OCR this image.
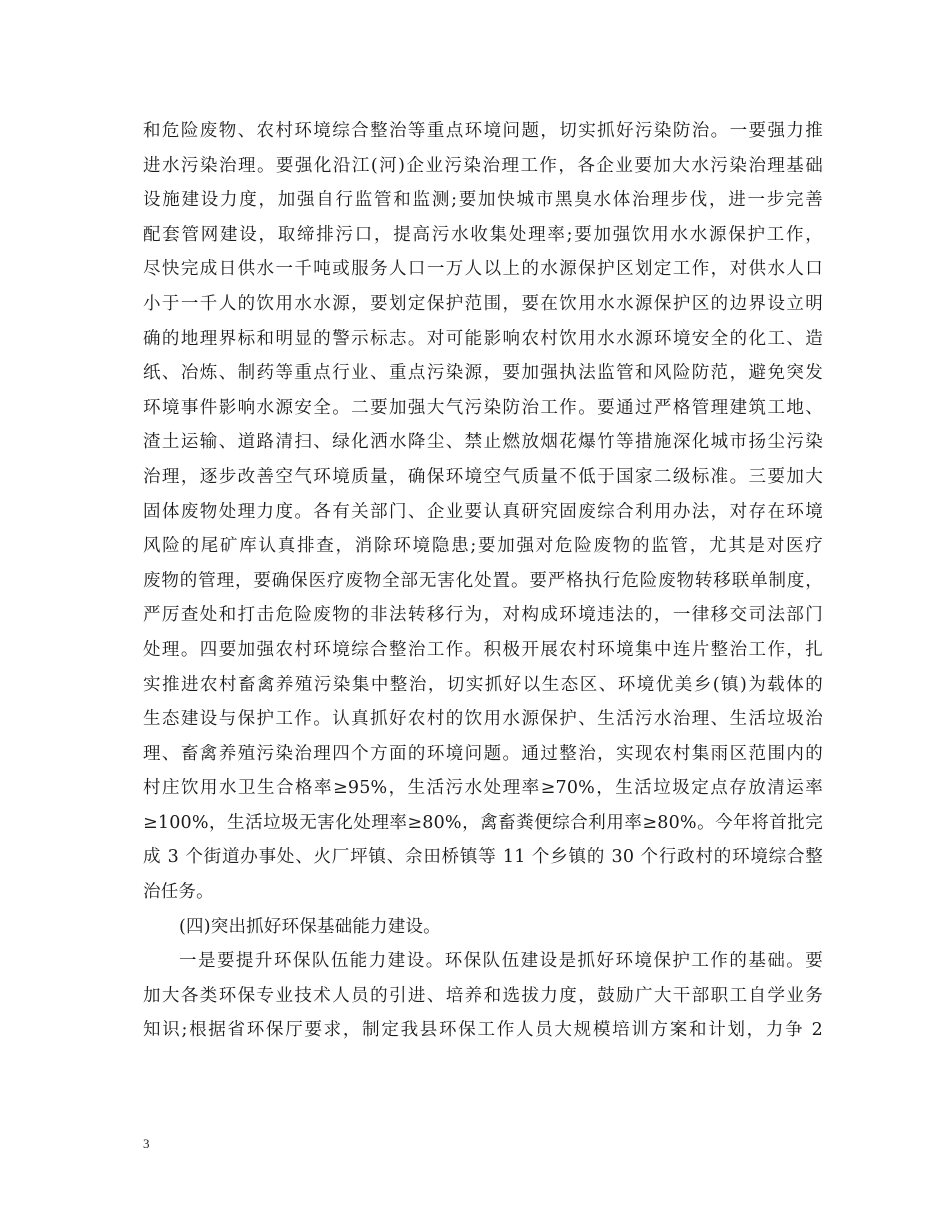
和危险废物、农村环境综合整治等重点环境问题，切实抓好污染防治。一要强力推
进水污染治理。要强化沿江(河)企业污染治理工作，各企业要加大水污染治理基础
设施建设力度，加强自行监管和监测;要加快城市黑臭水体治理步伐，进一步完善
配套管网建设，取缔排污口，提高污水收集处理率;要加强饮用水水源保护工作，
尽快完成日供水一千吨或服务人口一万人以上的水源保护区划定工作，对供水人口
小于一千人的饮用水水源，要划定保护范围，要在饮用水水源保护区的边界设立明
确的地理界标和明显的警示标志。对可能影响农村饮用水水源环境安全的化工、造
纸、冶炼、制药等重点行业、重点污染源，要加强执法监管和风险防范，避免突发
环境事件影响水源安全。二要加强大气污染防治工作。要通过严格管理建筑工地、
渣土运输、道路清扫、绿化洒水降尘、禁止燃放烟花爆竹等措施深化城市扬尘污染
治理，逐步改善空气环境质量，确保环境空气质量不低于国家二级标准。三要加大
固体废物处理力度。各有关部门、企业要认真研究固废综合利用办法，对存在环境
风险的尾矿库认真排查，消除环境隐患;要加强对危险废物的监管，尤其是对医疗
废物的管理，要确保医疗废物全部无害化处置。要严格执行危险废物转移联单制度，
严厉查处和打击危险废物的非法转移行为，对构成环境违法的，一律移交司法部门
处理。四要加强农村环境综合整治工作。积极开展农村环境集中连片整治工作，扎
实推进农村畜禽养殖污染集中整治，切实抓好以生态区、环境优美乡(镇)为载体的
生态建设与保护工作。认真抓好农村的饮用水源保护、生活污水治理、生活垃圾治
理、畜禽养殖污染治理四个方面的环境问题。通过整治，实现农村集雨区范围内的
村庄饮用水卫生合格率≥95%，生活污水处理率≥70%，生活垃圾定点存放清运率
≥100%，生活垃圾无害化处理率≥80%，禽畜粪便综合利用率≥80%。今年将首批完
成 3 个街道办事处、火厂坪镇、佘田桥镇等 11 个乡镇的 30 个行政村的环境综合整
治任务。
(四)突出抓好环保基础能力建设。
一是要提升环保队伍能力建设。环保队伍建设是抓好环境保护工作的基础。要
加大各类环保专业技术人员的引进、培养和选拔力度，鼓励广大干部职工自学业务
知识;根据省环保厅要求，制定我县环保工作人员大规模培训方案和计划，力争 2
3
